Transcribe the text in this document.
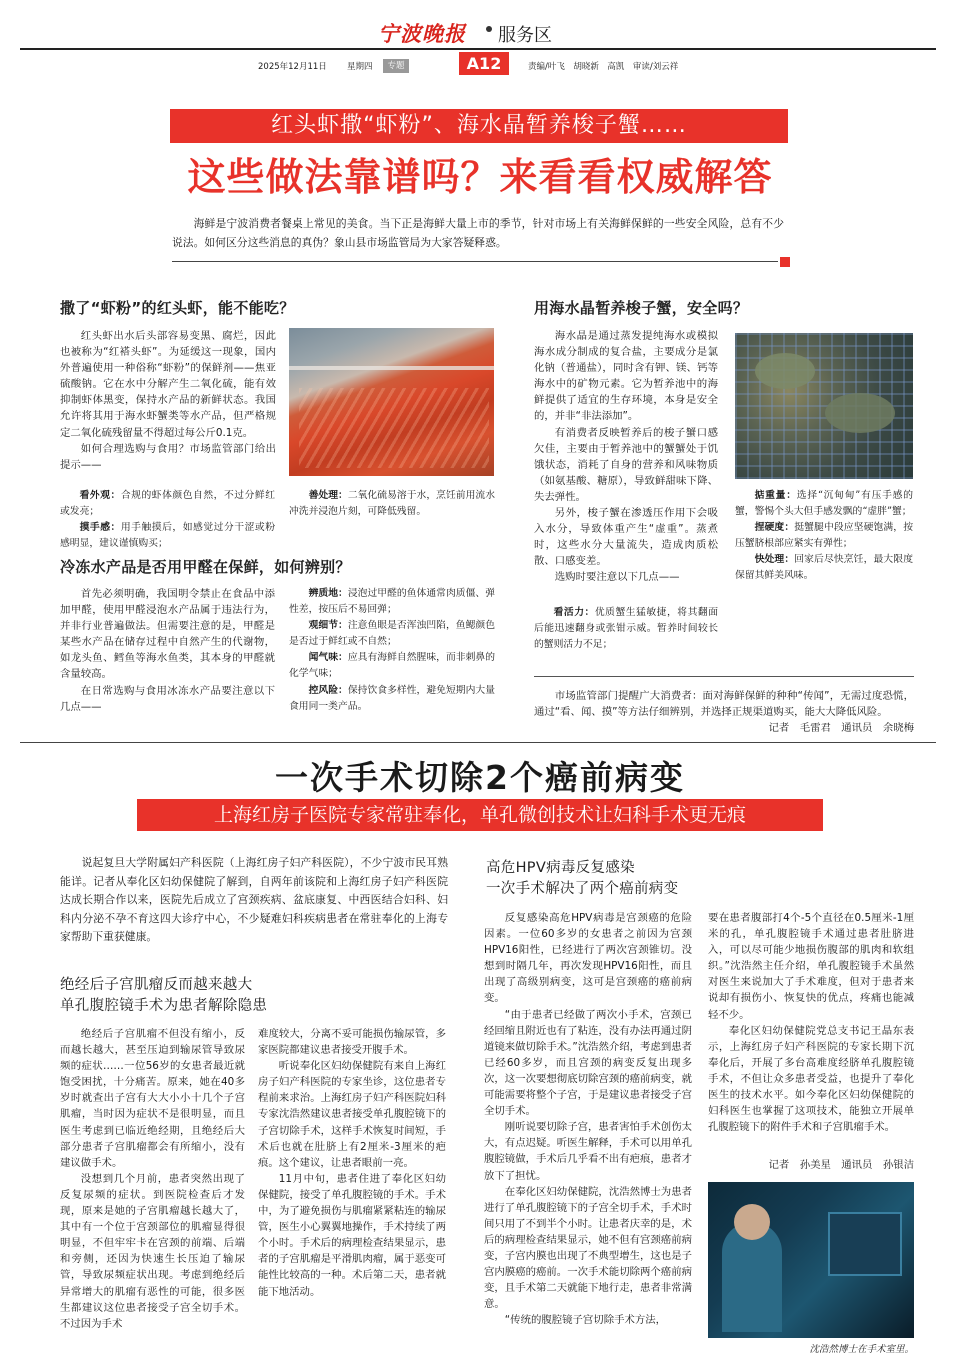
宁波晚报	服务区
2025年12月11日 星期四	专题	A12	责编/叶飞　胡晓新　高凯　审读/刘云祥
红头虾撒“虾粉”、海水晶暂养梭子蟹……
这些做法靠谱吗？来看看权威解答

海鲜是宁波消费者餐桌上常见的美食。当下正是海鲜大量上市的季节，针对市场上有关海鲜保鲜的一些安全风险，总有不少说法。如何区分这些消息的真伪？象山县市场监管局为大家答疑释惑。

撒了“虾粉”的红头虾，能不能吃？

红头虾出水后头部容易变黑、腐烂，因此也被称为“红褡头虾”。为延缓这一现象，国内外普遍使用一种俗称“虾粉”的保鲜剂——焦亚硫酸钠。它在水中分解产生二氧化硫，能有效抑制虾体黑变，保持水产品的新鲜状态。我国允许将其用于海水虾蟹类等水产品，但严格规定二氧化硫残留量不得超过每公斤0.1克。

如何合理选购与食用？市场监管部门给出提示——

看外观：合规的虾体颜色自然，不过分鲜红或发亮；

摸手感：用手触摸后，如感觉过分干涩或粉感明显，建议谨慎购买；

善处理：二氧化硫易溶于水，烹饪前用流水冲洗并浸泡片刻，可降低残留。

冷冻水产品是否用甲醛在保鲜，如何辨别？

首先必须明确，我国明令禁止在食品中添加甲醛，使用甲醛浸泡水产品属于违法行为，并非行业普遍做法。但需要注意的是，甲醛是某些水产品在储存过程中自然产生的代谢物，如龙头鱼、鳕鱼等海水鱼类，其本身的甲醛就含量较高。

在日常选购与食用冰冻水产品要注意以下几点——

辨质地：浸泡过甲醛的鱼体通常肉质僵、弹性差，按压后不易回弹；

观细节：注意鱼眼是否浑浊凹陷，鱼鳃颜色是否过于鲜红或不自然；

闻气味：应具有海鲜自然腥味，而非刺鼻的化学气味；

控风险：保持饮食多样性，避免短期内大量食用同一类产品。

用海水晶暂养梭子蟹，安全吗？

海水晶是通过蒸发提纯海水或模拟海水成分制成的复合盐，主要成分是氯化钠（普通盐），同时含有钾、镁、钙等海水中的矿物元素。它为暂养池中的海鲜提供了适宜的生存环境，本身是安全的，并非“非法添加”。

有消费者反映暂养后的梭子蟹口感欠佳，主要由于暂养池中的蟹蟹处于饥饿状态，消耗了自身的营养和风味物质（如氨基酸、糖原），导致鲜甜味下降、失去弹性。

另外，梭子蟹在渗透压作用下会吸入水分，导致体重产生“虚重”。蒸煮时，这些水分大量流失，造成肉质松散、口感变差。

选购时要注意以下几点——

看活力：优质蟹生猛敏捷，将其翻面后能迅速翻身或张钳示威。暂养时间较长的蟹则活力不足；

掂重量：选择“沉甸甸”有压手感的蟹，警惕个头大但手感发飘的“虚胖”蟹；

捏硬度：挺蟹腿中段应坚硬饱满，按压蟹脐根部应紧实有弹性；

快处理：回家后尽快烹饪，最大限度保留其鲜美风味。

市场监管部门提醒广大消费者：面对海鲜保鲜的种种“传闻”，无需过度恐慌，通过“看、闻、摸”等方法仔细辨别，并选择正规渠道购买，能大大降低风险。

记者　毛雷君　通讯员　余晓梅
一次手术切除2个癌前病变
上海红房子医院专家常驻奉化，单孔微创技术让妇科手术更无痕

说起复旦大学附属妇产科医院（上海红房子妇产科医院），不少宁波市民耳熟能详。记者从奉化区妇幼保健院了解到，自两年前该院和上海红房子妇产科医院达成长期合作以来，医院先后成立了宫颈疾病、盆底康复、中西医结合妇科、妇科内分泌不孕不育这四大诊疗中心，不少疑难妇科疾病患者在常驻奉化的上海专家帮助下重获健康。

绝经后子宫肌瘤反而越来越大
单孔腹腔镜手术为患者解除隐患

绝经后子宫肌瘤不但没有缩小，反而越长越大，甚至压迫到输尿管导致尿频的症状……一位56岁的女患者最近就饱受困扰，十分痛苦。原来，她在40多岁时就查出子宫有大大小小十几个子宫肌瘤，当时因为症状不是很明显，而且医生考虑到已临近绝经期，且绝经后大部分患者子宫肌瘤都会有所缩小，没有建议做手术。

没想到几个月前，患者突然出现了反复尿频的症状。到医院检查后才发现，原来是她的子宫肌瘤越长越大了，其中有一个位于宫颈部位的肌瘤显得很明显，不但牢牢卡在宫颈的前端、后端和旁侧，还因为快速生长压迫了输尿管，导致尿频症状出现。考虑到绝经后异常增大的肌瘤有恶性的可能，很多医生都建议这位患者接受子宫全切手术。不过因为手术

难度较大，分离不妥可能损伤输尿管，多家医院都建议患者接受开腹手术。

听说奉化区妇幼保健院有来自上海红房子妇产科医院的专家坐诊，这位患者专程前来求治。上海红房子妇产科医院妇科专家沈浩然建议患者接受单孔腹腔镜下的子宫切除手术，这样手术恢复时间短，手术后也就在肚脐上有2厘米-3厘米的疤痕。这个建议，让患者眼前一亮。

11月中旬，患者住进了奉化区妇幼保健院，接受了单孔腹腔镜的手术。手术中，为了避免损伤与肌瘤紧紧粘连的输尿管，医生小心翼翼地操作，手术持续了两个小时。手术后的病理检查结果显示，患者的子宫肌瘤是平滑肌肉瘤，属于恶变可能性比较高的一种。术后第二天，患者就能下地活动。

高危HPV病毒反复感染
一次手术解决了两个癌前病变

反复感染高危HPV病毒是宫颈癌的危险因素。一位60多岁的女患者之前因为宫颈HPV16阳性，已经进行了两次宫颈锥切。没想到时隔几年，再次发现HPV16阳性，而且出现了高级别病变，这可是宫颈癌的癌前病变。

“由于患者已经做了两次小手术，宫颈已经回缩且附近也有了粘连，没有办法再通过阴道镜来做切除手术。”沈浩然介绍，考虑到患者已经60多岁，而且宫颈的病变反复出现多次，这一次要想彻底切除宫颈的癌前病变，就可能需要将整个子宫，于是建议患者接受子宫全切手术。

刚听说要切除子宫，患者害怕手术创伤太大，有点迟疑。听医生解释，手术可以用单孔腹腔镜做，手术后几乎看不出有疤痕，患者才放下了担忧。

在奉化区妇幼保健院，沈浩然博士为患者进行了单孔腹腔镜下的子宫全切手术，手术时间只用了不到半个小时。让患者庆幸的是，术后的病理检查结果显示，她不但有宫颈癌前病变，子宫内膜也出现了不典型增生，这也是子宫内膜癌的癌前。一次手术能切除两个癌前病变，且手术第二天就能下地行走，患者非常满意。

“传统的腹腔镜子宫切除手术方法，

要在患者腹部打4个-5个直径在0.5厘米-1厘米的孔，单孔腹腔镜手术通过患者肚脐进入，可以尽可能少地损伤腹部的肌肉和软组织。”沈浩然主任介绍，单孔腹腔镜手术虽然对医生来说加大了手术难度，但对于患者来说却有损伤小、恢复快的优点，疼痛也能减轻不少。

奉化区妇幼保健院党总支书记王晶东表示，上海红房子妇产科医院的专家长期下沉奉化后，开展了多台高难度经脐单孔腹腔镜手术，不但让众多患者受益，也提升了奉化医生的技术水平。如今奉化区妇幼保健院的妇科医生也掌握了这项技术，能独立开展单孔腹腔镜下的附件手术和子宫肌瘤手术。

记者　孙美星　通讯员　孙银洁
沈浩然博士在手术室里。
